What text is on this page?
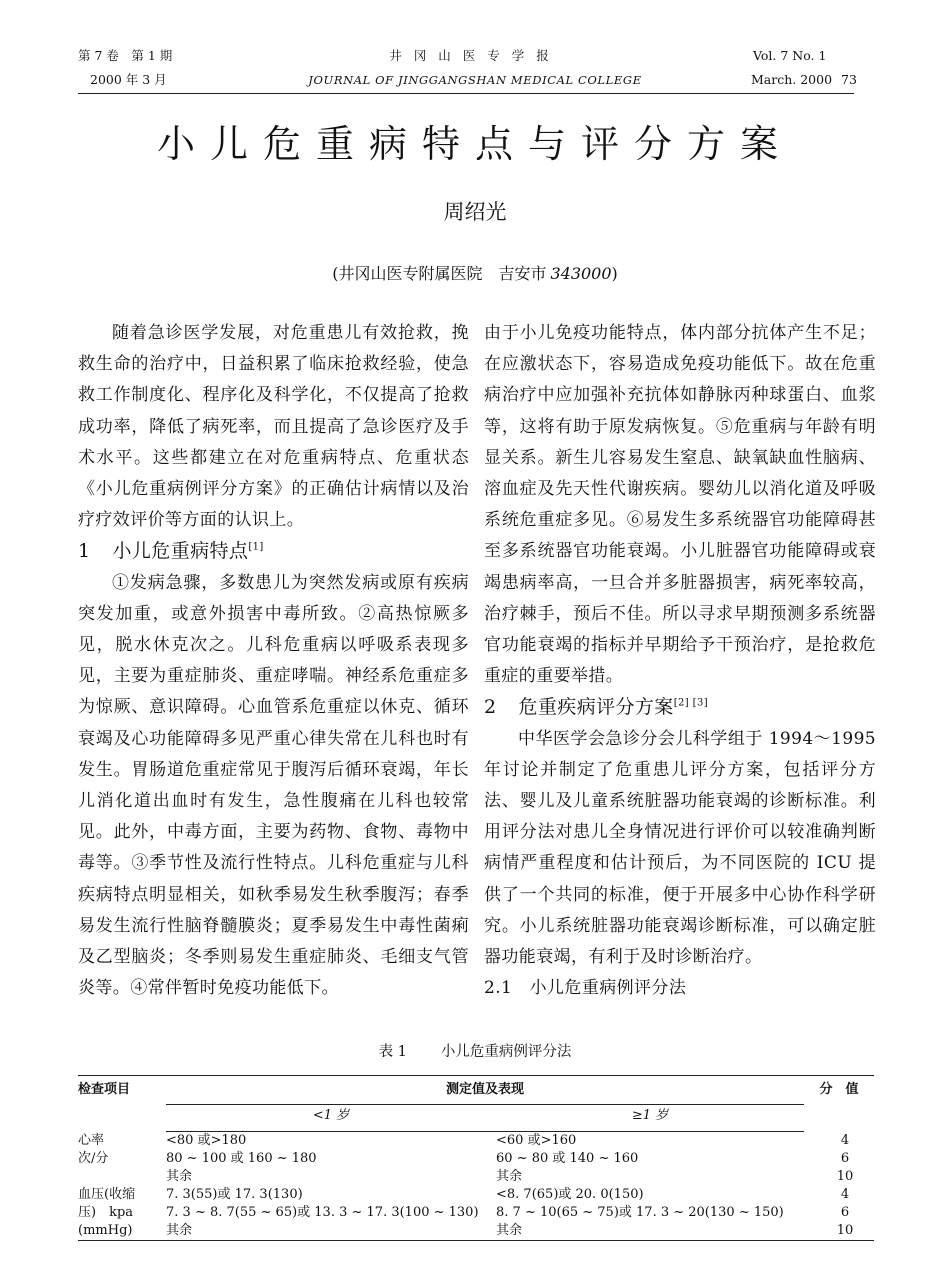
第 7 卷　第 1 期
2000 年 3 月
井冈山医专学报
JOURNAL OF JINGGANGSHAN MEDICAL COLLEGE
Vol. 7 No. 1
March. 2000 73
小儿危重病特点与评分方案
周绍光
(井冈山医专附属医院　吉安市 343000)

随着急诊医学发展，对危重患儿有效抢救，挽救生命的治疗中，日益积累了临床抢救经验，使急救工作制度化、程序化及科学化，不仅提高了抢救成功率，降低了病死率，而且提高了急诊医疗及手术水平。这些都建立在对危重病特点、危重状态《小儿危重病例评分方案》的正确估计病情以及治疗疗效评价等方面的认识上。

1 小儿危重病特点[1]

①发病急骤，多数患儿为突然发病或原有疾病突发加重，或意外损害中毒所致。②高热惊厥多见，脱水休克次之。儿科危重病以呼吸系表现多见，主要为重症肺炎、重症哮喘。神经系危重症多为惊厥、意识障碍。心血管系危重症以休克、循环衰竭及心功能障碍多见严重心律失常在儿科也时有发生。胃肠道危重症常见于腹泻后循环衰竭，年长儿消化道出血时有发生，急性腹痛在儿科也较常见。此外，中毒方面，主要为药物、食物、毒物中毒等。③季节性及流行性特点。儿科危重症与儿科疾病特点明显相关，如秋季易发生秋季腹泻；春季易发生流行性脑脊髓膜炎；夏季易发生中毒性菌痢及乙型脑炎；冬季则易发生重症肺炎、毛细支气管炎等。④常伴暂时免疫功能低下。

由于小儿免疫功能特点，体内部分抗体产生不足；在应激状态下，容易造成免疫功能低下。故在危重病治疗中应加强补充抗体如静脉丙种球蛋白、血浆等，这将有助于原发病恢复。⑤危重病与年龄有明显关系。新生儿容易发生窒息、缺氧缺血性脑病、溶血症及先天性代谢疾病。婴幼儿以消化道及呼吸系统危重症多见。⑥易发生多系统器官功能障碍甚至多系统器官功能衰竭。小儿脏器官功能障碍或衰竭患病率高，一旦合并多脏器损害，病死率较高，治疗棘手，预后不佳。所以寻求早期预测多系统器官功能衰竭的指标并早期给予干预治疗，是抢救危重症的重要举措。

2 危重疾病评分方案[2] [3]

中华医学会急诊分会儿科学组于 1994～1995 年讨论并制定了危重患儿评分方案，包括评分方法、婴儿及儿童系统脏器功能衰竭的诊断标准。利用评分法对患儿全身情况进行评价可以较准确判断病情严重程度和估计预后，为不同医院的 ICU 提供了一个共同的标准，便于开展多中心协作科学研究。小儿系统脏器功能衰竭诊断标准，可以确定脏器功能衰竭，有利于及时诊断治疗。

2.1　小儿危重病例评分法

表 1 小儿危重病例评分法
检查项目	测定值及表现		分　值
	<1 岁	≥1 岁	
心率	<80 或>180	<60 或>160	4
次/分	80 ~ 100 或 160 ~ 180	60 ~ 80 或 140 ~ 160	6
	其余	其余	10
血压(收缩	7. 3(55)或 17. 3(130)	<8. 7(65)或 20. 0(150)	4
压)　kpa	7. 3 ~ 8. 7(55 ~ 65)或 13. 3 ~ 17. 3(100 ~ 130)	8. 7 ~ 10(65 ~ 75)或 17. 3 ~ 20(130 ~ 150)	6
(mmHg)	其余	其余	10
